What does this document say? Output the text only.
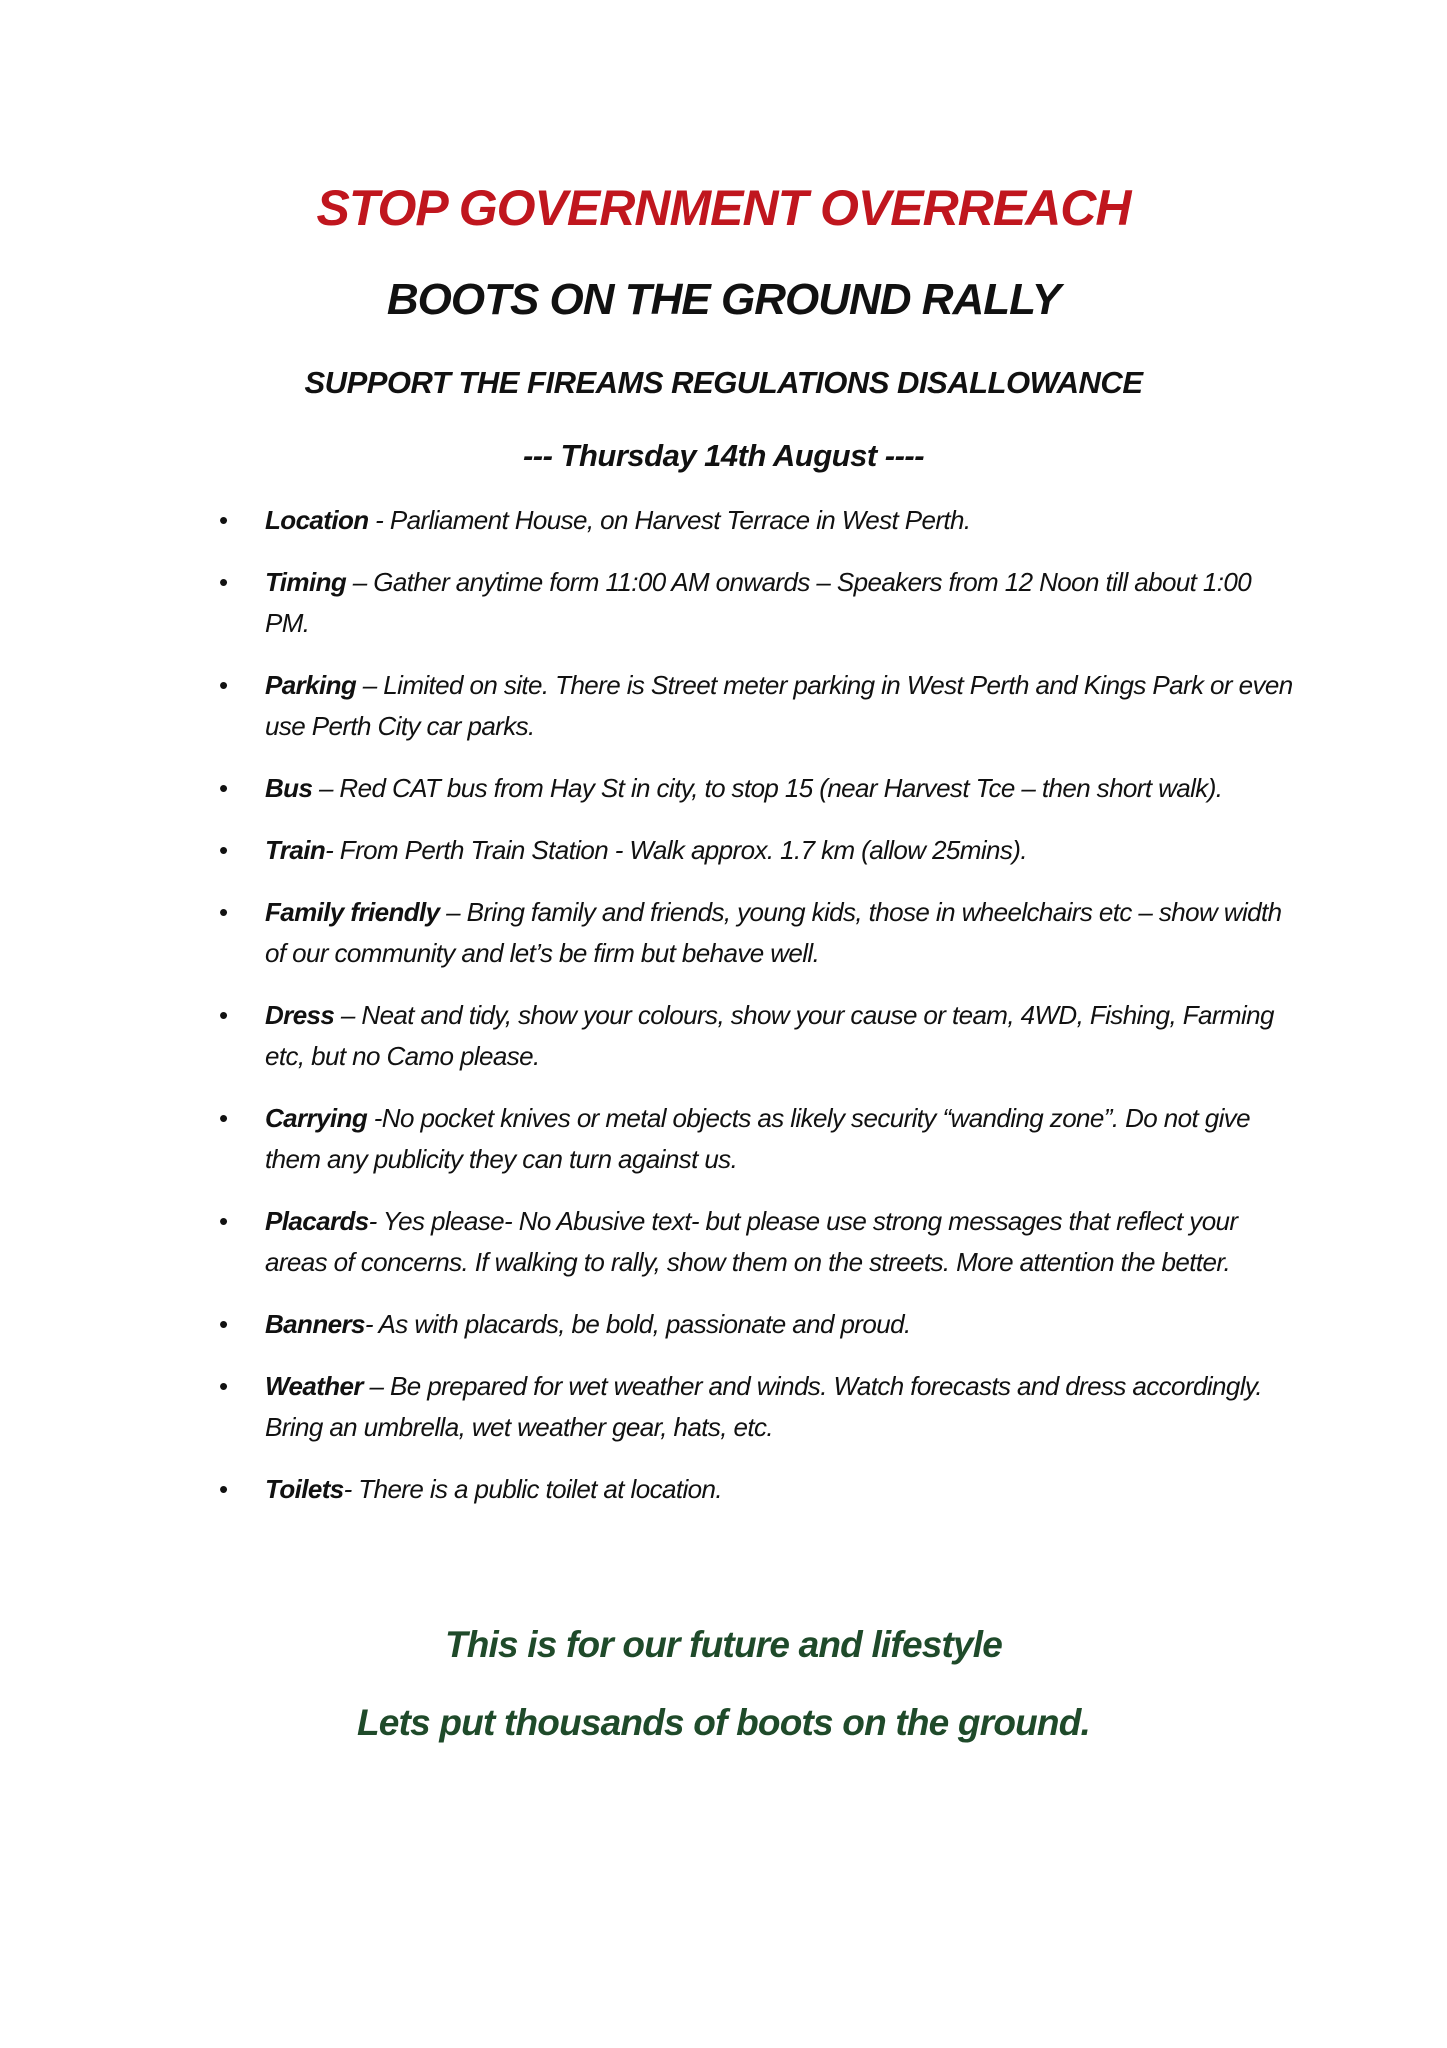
STOP GOVERNMENT OVERREACH
BOOTS ON THE GROUND RALLY
SUPPORT THE FIREAMS REGULATIONS DISALLOWANCE
--- Thursday 14th August ----
• Location - Parliament House, on Harvest Terrace in West Perth.
• Timing – Gather anytime form 11:00 AM onwards – Speakers from 12 Noon till about 1:00 PM.
• Parking – Limited on site. There is Street meter parking in West Perth and Kings Park or even use Perth City car parks.
• Bus – Red CAT bus from Hay St in city, to stop 15 (near Harvest Tce – then short walk).
• Train- From Perth Train Station - Walk approx. 1.7 km (allow 25mins).
• Family friendly – Bring family and friends, young kids, those in wheelchairs etc – show width of our community and let’s be firm but behave well.
• Dress – Neat and tidy, show your colours, show your cause or team, 4WD, Fishing, Farming etc, but no Camo please.
• Carrying -No pocket knives or metal objects as likely security “wanding zone”. Do not give them any publicity they can turn against us.
• Placards- Yes please- No Abusive text- but please use strong messages that reflect your areas of concerns. If walking to rally, show them on the streets. More attention the better.
• Banners- As with placards, be bold, passionate and proud.
• Weather – Be prepared for wet weather and winds. Watch forecasts and dress accordingly. Bring an umbrella, wet weather gear, hats, etc.
• Toilets- There is a public toilet at location.
This is for our future and lifestyle
Lets put thousands of boots on the ground.
